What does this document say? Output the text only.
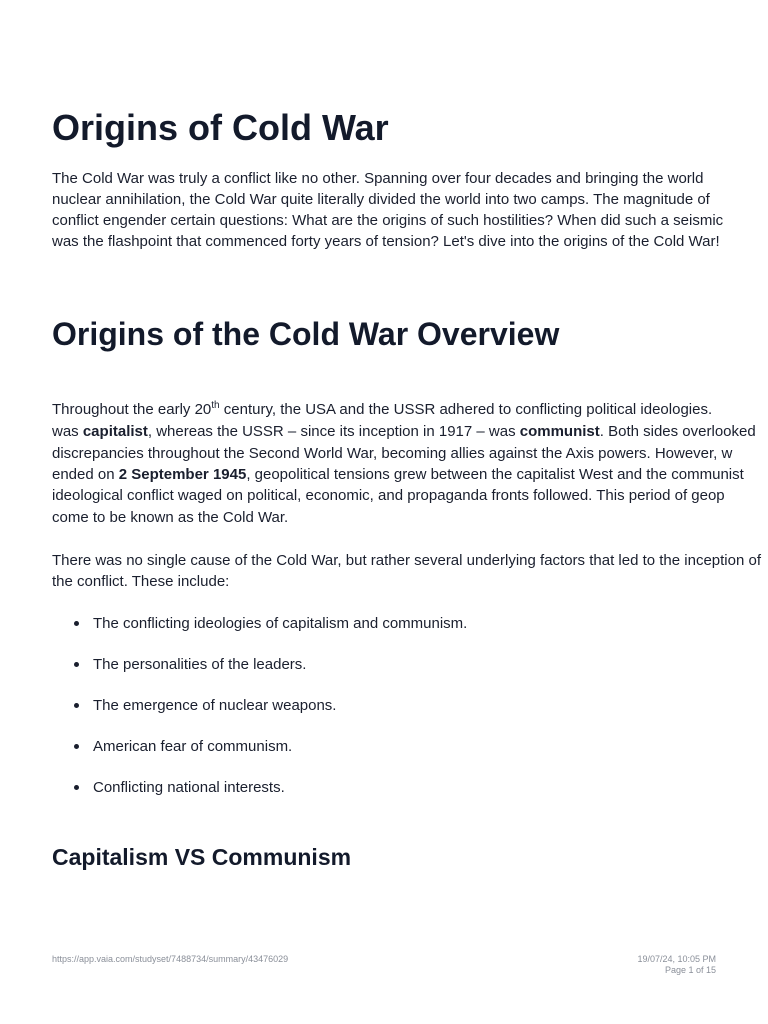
Origins of Cold War
The Cold War was truly a conflict like no other. Spanning over four decades and bringing the world
nuclear annihilation, the Cold War quite literally divided the world into two camps. The magnitude of
conflict engender certain questions: What are the origins of such hostilities? When did such a seismic
was the flashpoint that commenced forty years of tension? Let's dive into the origins of the Cold War!
Origins of the Cold War Overview
Throughout the early 20th century, the USA and the USSR adhered to conflicting political ideologies.
was capitalist, whereas the USSR – since its inception in 1917 – was communist. Both sides overlooked
discrepancies throughout the Second World War, becoming allies against the Axis powers. However, w
ended on 2 September 1945, geopolitical tensions grew between the capitalist West and the communist
ideological conflict waged on political, economic, and propaganda fronts followed. This period of geop
come to be known as the Cold War.
There was no single cause of the Cold War, but rather several underlying factors that led to the inception of
the conflict. These include:
The conflicting ideologies of capitalism and communism.
The personalities of the leaders.
The emergence of nuclear weapons.
American fear of communism.
Conflicting national interests.
Capitalism VS Communism
https://app.vaia.com/studyset/7488734/summary/43476029	19/07/24, 10:05 PM
Page 1 of 15
